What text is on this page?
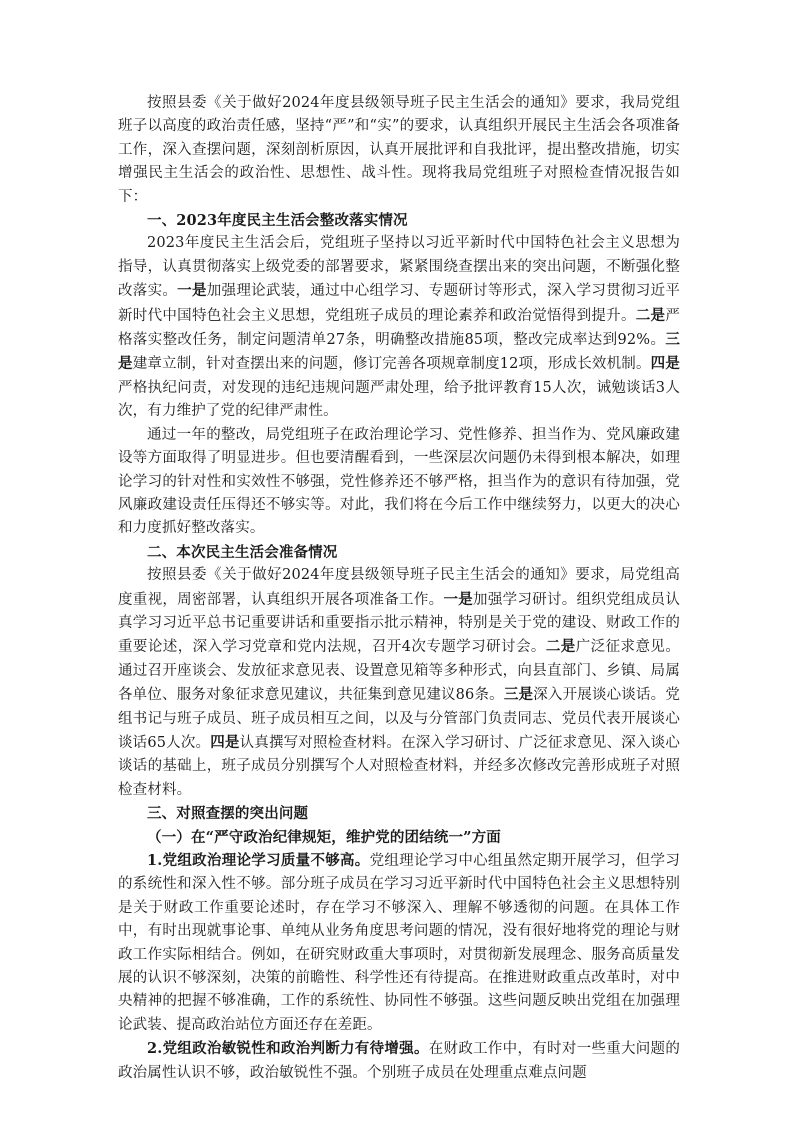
按照县委《关于做好2024年度县级领导班子民主生活会的通知》要求，我局党组班子以高度的政治责任感，坚持“严”和“实”的要求，认真组织开展民主生活会各项准备工作，深入查摆问题，深刻剖析原因，认真开展批评和自我批评，提出整改措施，切实增强民主生活会的政治性、思想性、战斗性。现将我局党组班子对照检查情况报告如下：

一、2023年度民主生活会整改落实情况

2023年度民主生活会后，党组班子坚持以习近平新时代中国特色社会主义思想为指导，认真贯彻落实上级党委的部署要求，紧紧围绕查摆出来的突出问题，不断强化整改落实。一是加强理论武装，通过中心组学习、专题研讨等形式，深入学习贯彻习近平新时代中国特色社会主义思想，党组班子成员的理论素养和政治觉悟得到提升。二是严格落实整改任务，制定问题清单27条，明确整改措施85项，整改完成率达到92%。三是建章立制，针对查摆出来的问题，修订完善各项规章制度12项，形成长效机制。四是严格执纪问责，对发现的违纪违规问题严肃处理，给予批评教育15人次，诫勉谈话3人次，有力维护了党的纪律严肃性。

通过一年的整改，局党组班子在政治理论学习、党性修养、担当作为、党风廉政建设等方面取得了明显进步。但也要清醒看到，一些深层次问题仍未得到根本解决，如理论学习的针对性和实效性不够强，党性修养还不够严格，担当作为的意识有待加强，党风廉政建设责任压得还不够实等。对此，我们将在今后工作中继续努力，以更大的决心和力度抓好整改落实。

二、本次民主生活会准备情况

按照县委《关于做好2024年度县级领导班子民主生活会的通知》要求，局党组高度重视，周密部署，认真组织开展各项准备工作。一是加强学习研讨。组织党组成员认真学习习近平总书记重要讲话和重要指示批示精神，特别是关于党的建设、财政工作的重要论述，深入学习党章和党内法规，召开4次专题学习研讨会。二是广泛征求意见。通过召开座谈会、发放征求意见表、设置意见箱等多种形式，向县直部门、乡镇、局属各单位、服务对象征求意见建议，共征集到意见建议86条。三是深入开展谈心谈话。党组书记与班子成员、班子成员相互之间，以及与分管部门负责同志、党员代表开展谈心谈话65人次。四是认真撰写对照检查材料。在深入学习研讨、广泛征求意见、深入谈心谈话的基础上，班子成员分别撰写个人对照检查材料，并经多次修改完善形成班子对照检查材料。

三、对照查摆的突出问题

（一）在“严守政治纪律规矩，维护党的团结统一”方面

1.党组政治理论学习质量不够高。党组理论学习中心组虽然定期开展学习，但学习的系统性和深入性不够。部分班子成员在学习习近平新时代中国特色社会主义思想特别是关于财政工作重要论述时，存在学习不够深入、理解不够透彻的问题。在具体工作中，有时出现就事论事、单纯从业务角度思考问题的情况，没有很好地将党的理论与财政工作实际相结合。例如，在研究财政重大事项时，对贯彻新发展理念、服务高质量发展的认识不够深刻，决策的前瞻性、科学性还有待提高。在推进财政重点改革时，对中央精神的把握不够准确，工作的系统性、协同性不够强。这些问题反映出党组在加强理论武装、提高政治站位方面还存在差距。

2.党组政治敏锐性和政治判断力有待增强。在财政工作中，有时对一些重大问题的政治属性认识不够，政治敏锐性不强。个别班子成员在处理重点难点问题
